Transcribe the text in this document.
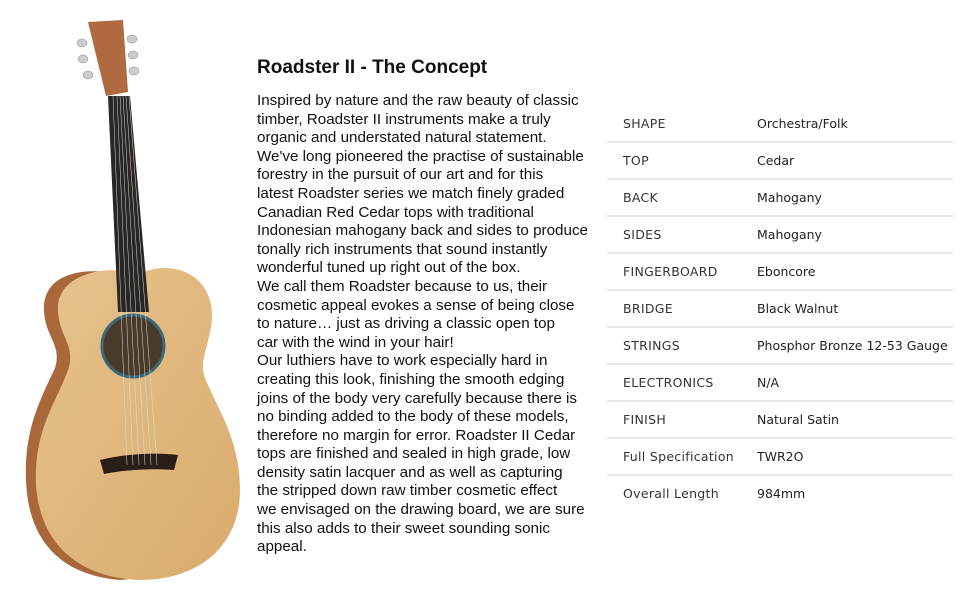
Roadster II - The Concept
Inspired by nature and the raw beauty of classic
timber, Roadster II instruments make a truly
organic and understated natural statement.
We've long pioneered the practise of sustainable
forestry in the pursuit of our art and for this
latest Roadster series we match finely graded
Canadian Red Cedar tops with traditional
Indonesian mahogany back and sides to produce
tonally rich instruments that sound instantly
wonderful tuned up right out of the box.
We call them Roadster because to us, their
cosmetic appeal evokes a sense of being close
to nature… just as driving a classic open top
car with the wind in your hair!
Our luthiers have to work especially hard in
creating this look, finishing the smooth edging
joins of the body very carefully because there is
no binding added to the body of these models,
therefore no margin for error. Roadster II Cedar
tops are finished and sealed in high grade, low
density satin lacquer and as well as capturing
the stripped down raw timber cosmetic effect
we envisaged on the drawing board, we are sure
this also adds to their sweet sounding sonic
appeal.
SHAPE	Orchestra/Folk
TOP	Cedar
BACK	Mahogany
SIDES	Mahogany
FINGERBOARD	Eboncore
BRIDGE	Black Walnut
STRINGS	Phosphor Bronze 12-53 Gauge
ELECTRONICS	N/A
FINISH	Natural Satin
Full Specification	TWR2O
Overall Length	984mm
